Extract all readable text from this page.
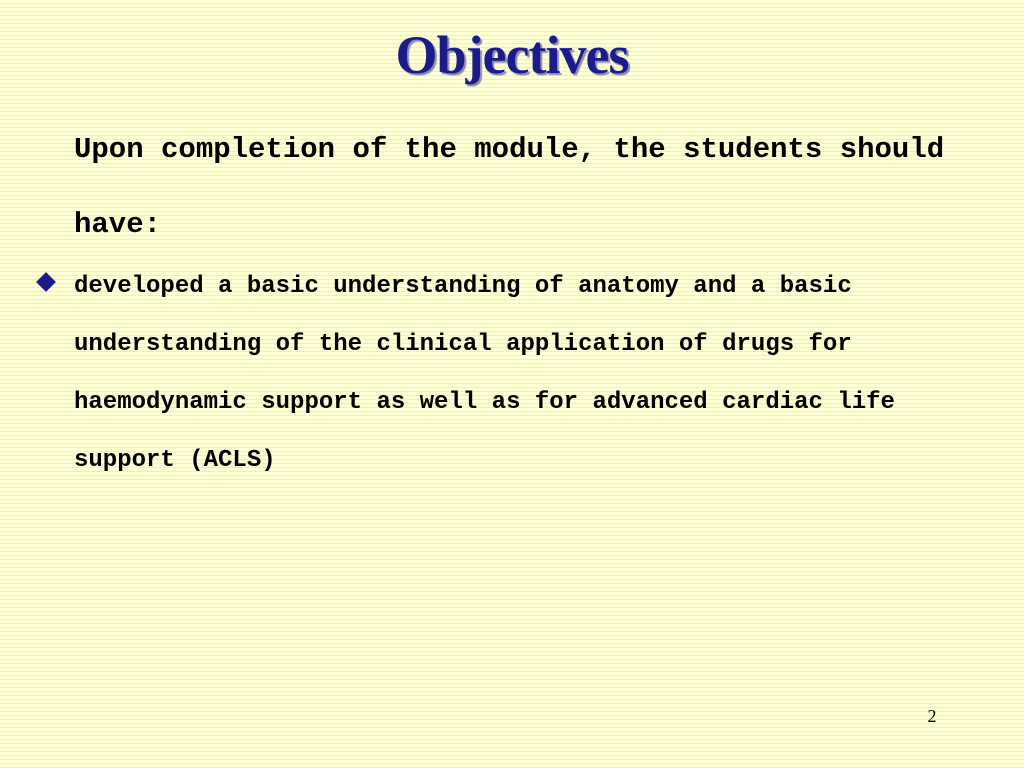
Objectives

Upon completion of the module, the students should have:

developed a basic understanding of anatomy and a basic understanding of the clinical application of drugs for haemodynamic support as well as for advanced cardiac life support (ACLS)
2
